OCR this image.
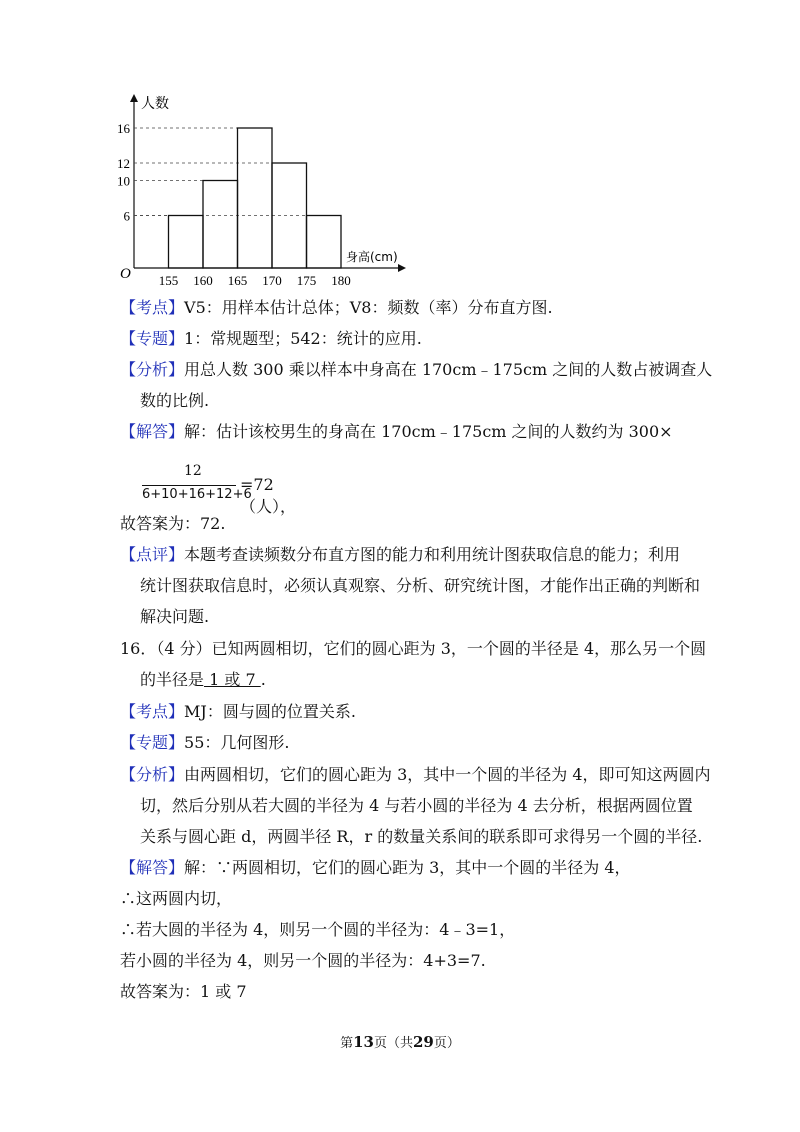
6
10
12
16
155 160 165 170 175 180
O
人数
身高(cm)
【考点】V5：用样本估计总体；V8：频数（率）分布直方图.
【专题】1：常规题型；542：统计的应用.
【分析】用总人数 300 乘以样本中身高在 170cm﹣175cm 之间的人数占被调查人
数的比例.
【解答】解：估计该校男生的身高在 170cm﹣175cm 之间的人数约为 300×
12
6+10+16+12+6
=72（人），
故答案为：72.
【点评】本题考查读频数分布直方图的能力和利用统计图获取信息的能力；利用
统计图获取信息时，必须认真观察、分析、研究统计图，才能作出正确的判断和
解决问题.
16．（4 分）已知两圆相切，它们的圆心距为 3，一个圆的半径是 4，那么另一个圆
的半径是 1 或 7 .
【考点】MJ：圆与圆的位置关系.
【专题】55：几何图形.
【分析】由两圆相切，它们的圆心距为 3，其中一个圆的半径为 4，即可知这两圆内
切，然后分别从若大圆的半径为 4 与若小圆的半径为 4 去分析，根据两圆位置
关系与圆心距 d，两圆半径 R，r 的数量关系间的联系即可求得另一个圆的半径.
【解答】解：∵两圆相切，它们的圆心距为 3，其中一个圆的半径为 4，
∴这两圆内切，
∴若大圆的半径为 4，则另一个圆的半径为：4﹣3=1，
若小圆的半径为 4，则另一个圆的半径为：4+3=7.
故答案为：1 或 7
第13页（共29页）
